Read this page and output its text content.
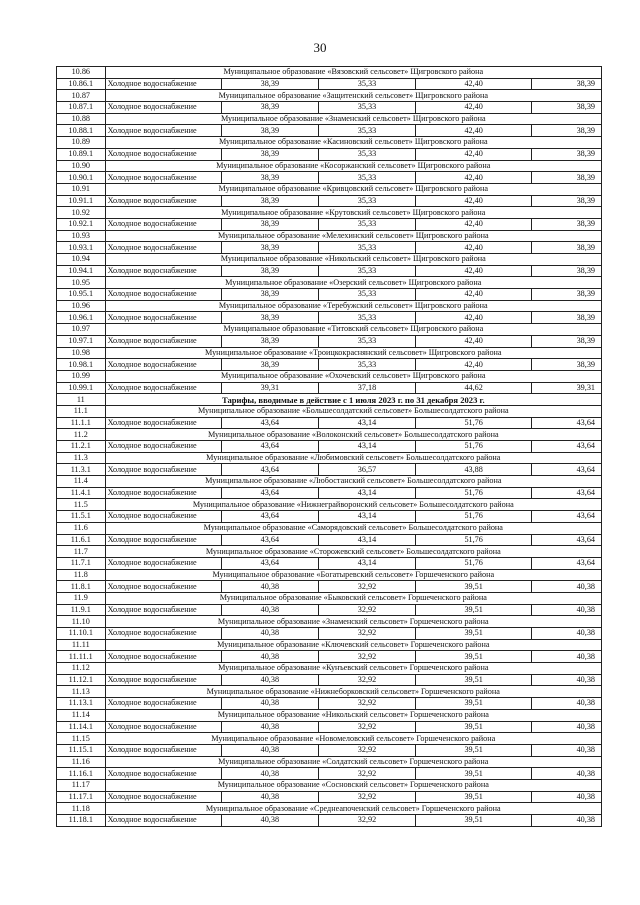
30
10.86	Муниципальное образование «Вязовский сельсовет» Щигровского района				
10.86.1	Холодное водоснабжение	38,39	35,33	42,40	38,39
10.87	Муниципальное образование «Защитенский сельсовет» Щигровского района				
10.87.1	Холодное водоснабжение	38,39	35,33	42,40	38,39
10.88	Муниципальное образование «Знаменский сельсовет» Щигровского района				
10.88.1	Холодное водоснабжение	38,39	35,33	42,40	38,39
10.89	Муниципальное образование «Касиновский сельсовет» Щигровского района				
10.89.1	Холодное водоснабжение	38,39	35,33	42,40	38,39
10.90	Муниципальное образование «Косоржанский сельсовет» Щигровского района				
10.90.1	Холодное водоснабжение	38,39	35,33	42,40	38,39
10.91	Муниципальное образование «Кривцовский сельсовет» Щигровского района				
10.91.1	Холодное водоснабжение	38,39	35,33	42,40	38,39
10.92	Муниципальное образование «Крутовский сельсовет» Щигровского района				
10.92.1	Холодное водоснабжение	38,39	35,33	42,40	38,39
10.93	Муниципальное образование «Мелехинский сельсовет» Щигровского района				
10.93.1	Холодное водоснабжение	38,39	35,33	42,40	38,39
10.94	Муниципальное образование «Никольский сельсовет» Щигровского района				
10.94.1	Холодное водоснабжение	38,39	35,33	42,40	38,39
10.95	Муниципальное образование «Озерский сельсовет» Щигровского района				
10.95.1	Холодное водоснабжение	38,39	35,33	42,40	38,39
10.96	Муниципальное образование «Теребужский сельсовет» Щигровского района				
10.96.1	Холодное водоснабжение	38,39	35,33	42,40	38,39
10.97	Муниципальное образование «Титовский сельсовет» Щигровского района				
10.97.1	Холодное водоснабжение	38,39	35,33	42,40	38,39
10.98	Муниципальное образование «Троицкокраснянский сельсовет» Щигровского района				
10.98.1	Холодное водоснабжение	38,39	35,33	42,40	38,39
10.99	Муниципальное образование «Охочевский сельсовет» Щигровского района				
10.99.1	Холодное водоснабжение	39,31	37,18	44,62	39,31
11	Тарифы, вводимые в действие с 1 июля 2023 г. по 31 декабря 2023 г.				
11.1	Муниципальное образование «Большесолдатский сельсовет» Большесолдатского района				
11.1.1	Холодное водоснабжение	43,64	43,14	51,76	43,64
11.2	Муниципальное образование «Волоконский сельсовет» Большесолдатского района				
11.2.1	Холодное водоснабжение	43,64	43,14	51,76	43,64
11.3	Муниципальное образование «Любимовский сельсовет» Большесолдатского района				
11.3.1	Холодное водоснабжение	43,64	36,57	43,88	43,64
11.4	Муниципальное образование «Любостанский сельсовет» Большесолдатского района				
11.4.1	Холодное водоснабжение	43,64	43,14	51,76	43,64
11.5	Муниципальное образование «Нижнеграйворонский сельсовет» Большесолдатского района				
11.5.1	Холодное водоснабжение	43,64	43,14	51,76	43,64
11.6	Муниципальное образование «Саморядовский сельсовет» Большесолдатского района				
11.6.1	Холодное водоснабжение	43,64	43,14	51,76	43,64
11.7	Муниципальное образование «Сторожевский сельсовет» Большесолдатского района				
11.7.1	Холодное водоснабжение	43,64	43,14	51,76	43,64
11.8	Муниципальное образование «Богатыревский сельсовет» Горшеченского района				
11.8.1	Холодное водоснабжение	40,38	32,92	39,51	40,38
11.9	Муниципальное образование «Быковский сельсовет» Горшеченского района				
11.9.1	Холодное водоснабжение	40,38	32,92	39,51	40,38
11.10	Муниципальное образование «Знаменский сельсовет» Горшеченского района				
11.10.1	Холодное водоснабжение	40,38	32,92	39,51	40,38
11.11	Муниципальное образование «Ключевский сельсовет» Горшеченского района				
11.11.1	Холодное водоснабжение	40,38	32,92	39,51	40,38
11.12	Муниципальное образование «Кунъевский сельсовет» Горшеченского района				
11.12.1	Холодное водоснабжение	40,38	32,92	39,51	40,38
11.13	Муниципальное образование «Нижнеборковский сельсовет» Горшеченского района				
11.13.1	Холодное водоснабжение	40,38	32,92	39,51	40,38
11.14	Муниципальное образование «Никольский сельсовет» Горшеченского района				
11.14.1	Холодное водоснабжение	40,38	32,92	39,51	40,38
11.15	Муниципальное образование «Новомеловский сельсовет» Горшеченского района				
11.15.1	Холодное водоснабжение	40,38	32,92	39,51	40,38
11.16	Муниципальное образование «Солдатский сельсовет» Горшеченского района				
11.16.1	Холодное водоснабжение	40,38	32,92	39,51	40,38
11.17	Муниципальное образование «Сосновский сельсовет» Горшеченского района				
11.17.1	Холодное водоснабжение	40,38	32,92	39,51	40,38
11.18	Муниципальное образование «Среднеапоченский сельсовет» Горшеченского района				
11.18.1	Холодное водоснабжение	40,38	32,92	39,51	40,38
